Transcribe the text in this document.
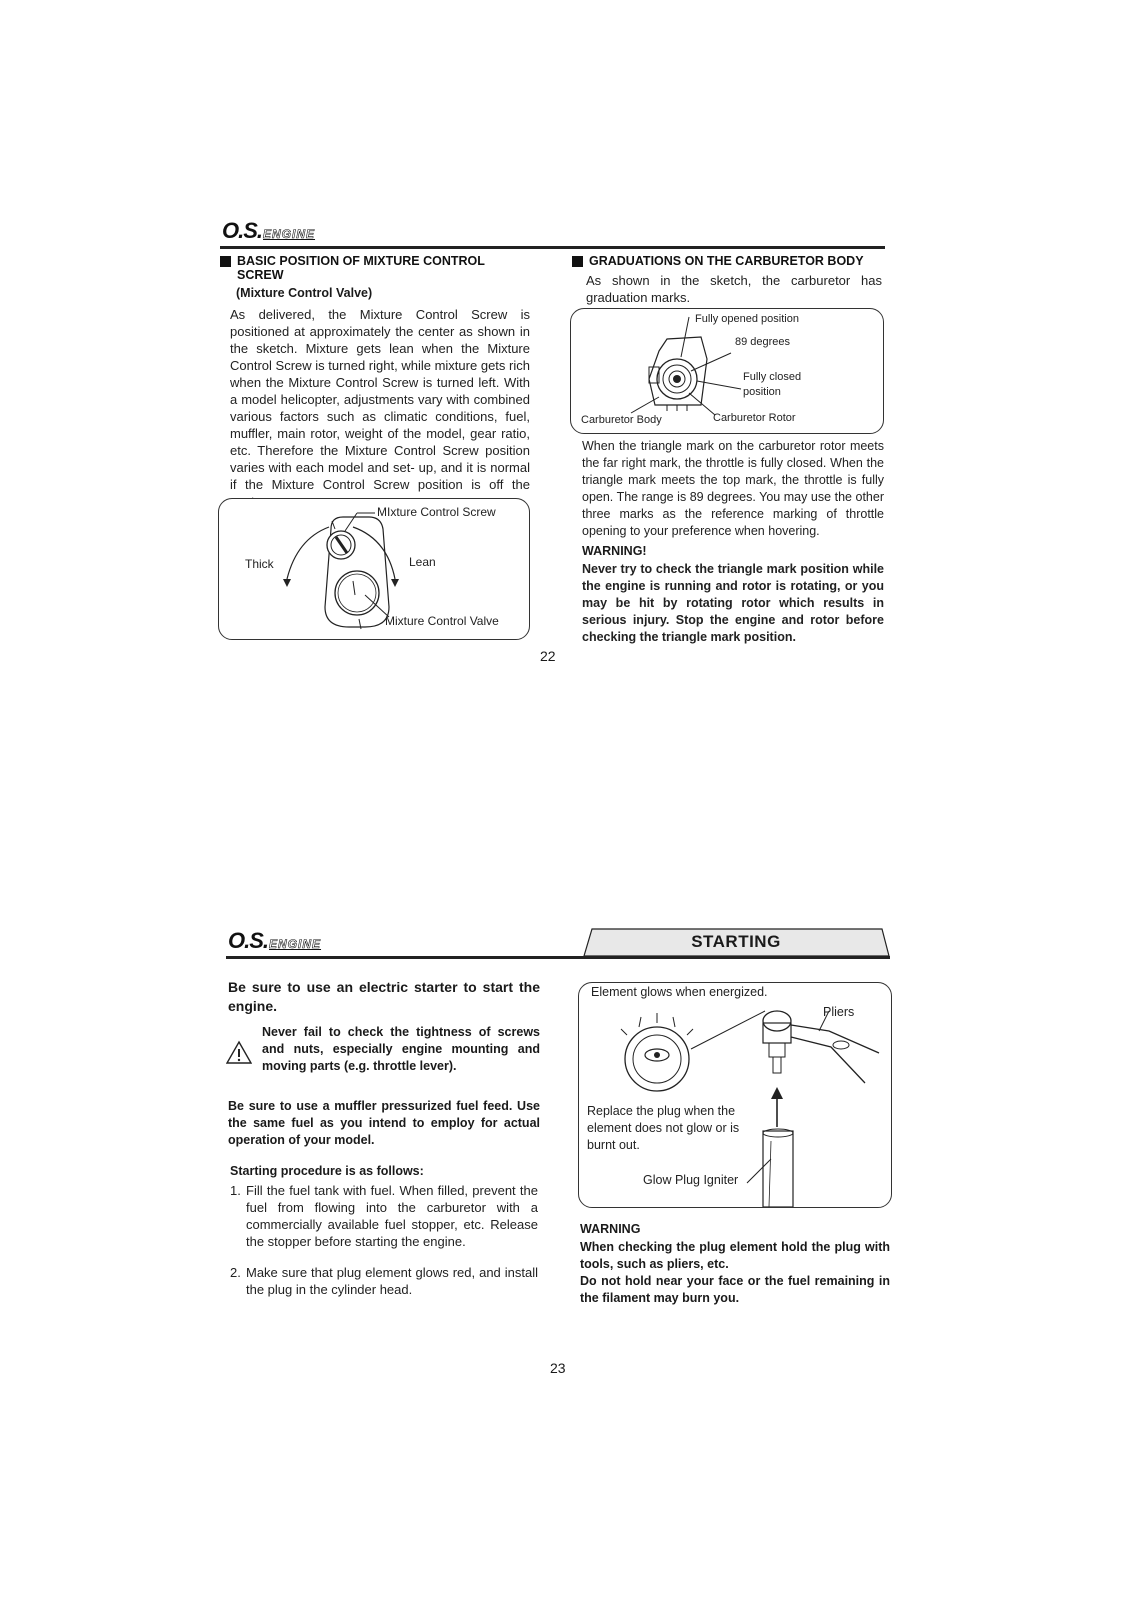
O.S.ENGINE
BASIC POSITION OF MIXTURE CONTROL SCREW
(Mixture Control Valve)
As delivered, the Mixture Control Screw is positioned at approximately the center as shown in the sketch. Mixture gets lean when the Mixture Control Screw is turned right, while mixture gets rich when the Mixture Control Screw is turned left. With a model helicopter, adjustments vary with combined various factors such as climatic conditions, fuel, muffler, main rotor, weight of the model, gear ratio, etc. Therefore the Mixture Control Screw position varies with each model and set- up, and it is normal if the Mixture Control Screw position is off the
MIxture Control Screw
Thick	Lean
Mixture Control Valve
GRADUATIONS ON THE CARBURETOR BODY
As shown in the sketch, the carburetor has graduation marks.
Fully opened position
89 degrees
Fully closed
position
Carburetor Body	Carburetor Rotor
When the triangle mark on the carburetor rotor meets the far right mark, the throttle is fully closed. When the triangle mark meets the top mark, the throttle is fully open. The range is 89 degrees. You may use the other three marks as the reference marking of throttle opening to your preference when hovering.
WARNING!
Never try to check the triangle mark position while the engine is running and rotor is rotating, or you may be hit by rotating rotor which results in serious injury. Stop the engine and rotor before checking the triangle mark position.
22
O.S.ENGINE	STARTING
Be sure to use an electric starter to start the engine.
Never fail to check the tightness of screws and nuts, especially engine mounting and moving parts (e.g. throttle lever).
Be sure to use a muffler pressurized fuel feed. Use the same fuel as you intend to employ for actual operation of your model.
Starting procedure is as follows:
1. Fill the fuel tank with fuel. When filled, prevent the fuel from flowing into the carburetor with a commercially available fuel stopper, etc. Release the stopper before starting the engine.
2. Make sure that plug element glows red, and install the plug in the cylinder head.
Element glows when energized.
Pliers
Replace the plug when the element does not glow or is burnt out.
Glow Plug Igniter
WARNING
When checking the plug element hold the plug with tools, such as pliers, etc.
Do not hold near your face or the fuel remaining in the filament may burn you.
23
